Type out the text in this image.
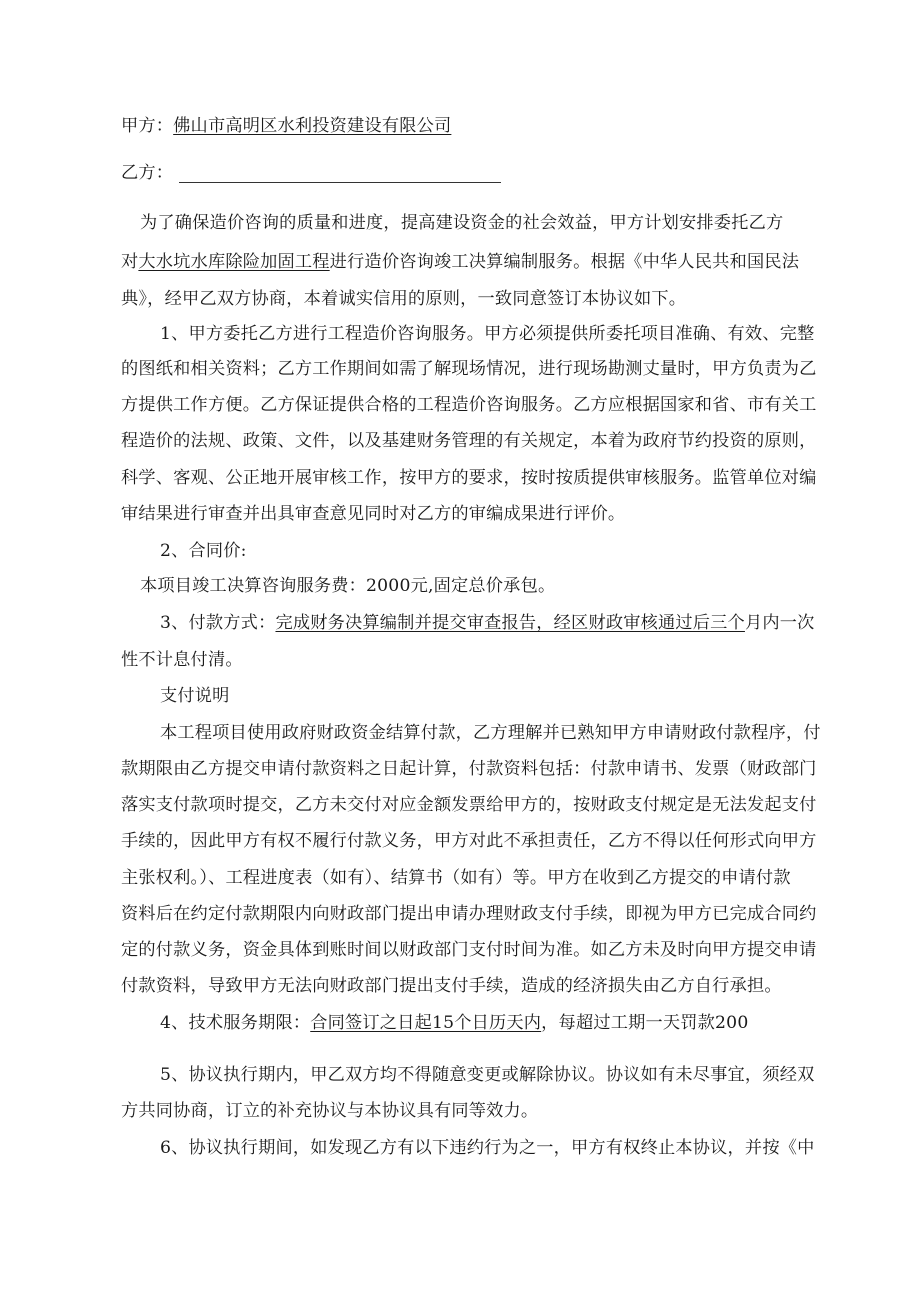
甲方：佛山市高明区水利投资建设有限公司
乙方：
为了确保造价咨询的质量和进度，提高建设资金的社会效益，甲方计划安排委托乙方
对大水坑水库除险加固工程进行造价咨询竣工决算编制服务。根据《中华人民共和国民法
典》，经甲乙双方协商，本着诚实信用的原则，一致同意签订本协议如下。
1、甲方委托乙方进行工程造价咨询服务。甲方必须提供所委托项目准确、有效、完整
的图纸和相关资料；乙方工作期间如需了解现场情况，进行现场勘测丈量时，甲方负责为乙
方提供工作方便。乙方保证提供合格的工程造价咨询服务。乙方应根据国家和省、市有关工
程造价的法规、政策、文件，以及基建财务管理的有关规定，本着为政府节约投资的原则，
科学、客观、公正地开展审核工作，按甲方的要求，按时按质提供审核服务。监管单位对编
审结果进行审查并出具审查意见同时对乙方的审编成果进行评价。
2、合同价:
本项目竣工决算咨询服务费：2000元,固定总价承包。
3、付款方式：完成财务决算编制并提交审查报告，经区财政审核通过后三个月内一次
性不计息付清。
支付说明
本工程项目使用政府财政资金结算付款，乙方理解并已熟知甲方申请财政付款程序，付
款期限由乙方提交申请付款资料之日起计算，付款资料包括：付款申请书、发票（财政部门
落实支付款项时提交，乙方未交付对应金额发票给甲方的，按财政支付规定是无法发起支付
手续的，因此甲方有权不履行付款义务，甲方对此不承担责任，乙方不得以任何形式向甲方
主张权利。）、工程进度表（如有）、结算书（如有）等。甲方在收到乙方提交的申请付款
资料后在约定付款期限内向财政部门提出申请办理财政支付手续，即视为甲方已完成合同约
定的付款义务，资金具体到账时间以财政部门支付时间为准。如乙方未及时向甲方提交申请
付款资料，导致甲方无法向财政部门提出支付手续，造成的经济损失由乙方自行承担。
4、技术服务期限：合同签订之日起15个日历天内，每超过工期一天罚款200
5、协议执行期内，甲乙双方均不得随意变更或解除协议。协议如有未尽事宜，须经双
方共同协商，订立的补充协议与本协议具有同等效力。
6、协议执行期间，如发现乙方有以下违约行为之一，甲方有权终止本协议，并按《中
